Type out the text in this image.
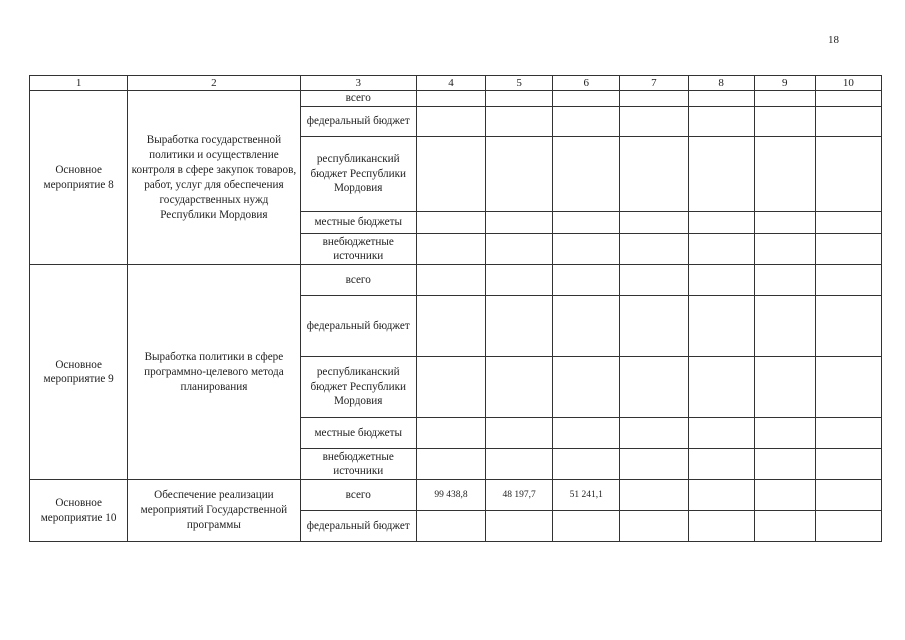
18
1	2	3	4	5	6	7	8	9	10
Основное мероприятие 8	Выработка государственной политики и осуществление контроля в сфере закупок товаров, работ, услуг для обеспечения государственных нужд Республики Мордовия	всего							
		федеральный бюджет							
		республиканский бюджет Республики Мордовия							
		местные бюджеты							
		внебюджетные источники							
Основное мероприятие 9	Выработка политики в сфере программно-целевого метода планирования	всего							
		федеральный бюджет							
		республиканский бюджет Республики Мордовия							
		местные бюджеты							
		внебюджетные источники							
Основное мероприятие 10	Обеспечение реализации мероприятий Государственной программы	всего	99 438,8	48 197,7	51 241,1				
		федеральный бюджет							
